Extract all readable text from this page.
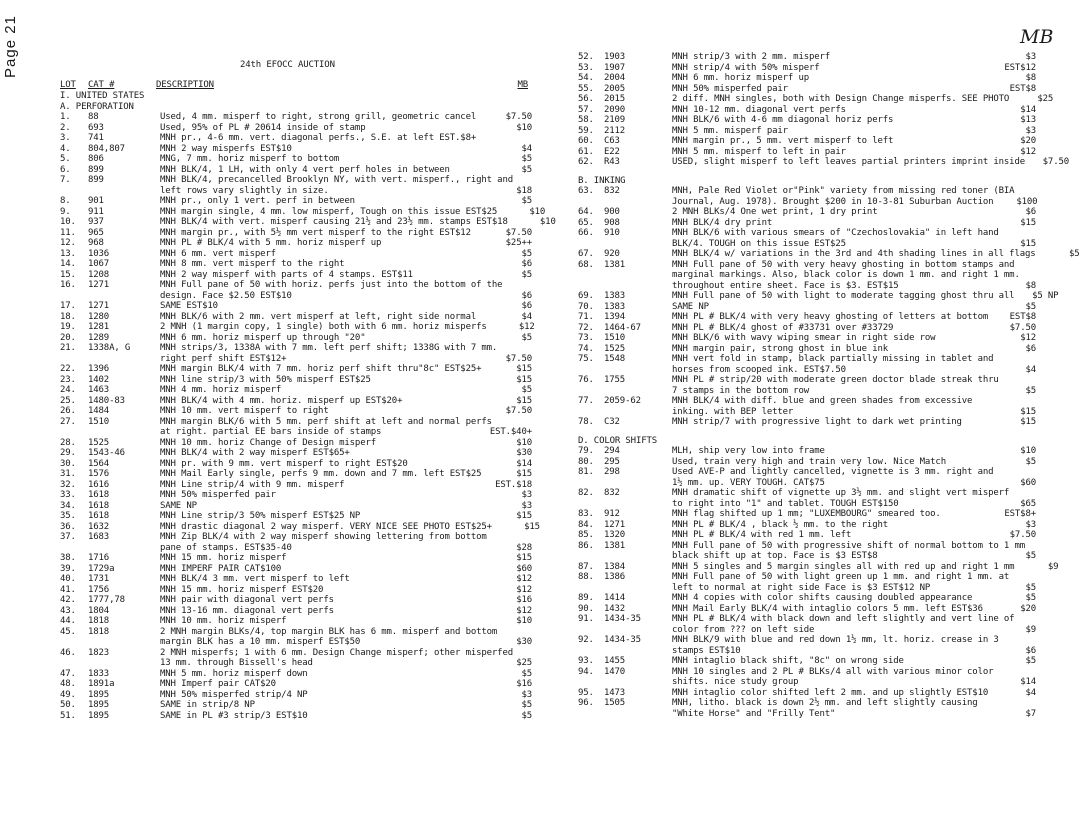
Page 21	MB
24th EFOCC AUCTION
LOT CAT #	DESCRIPTION	MB
I. UNITED STATES
A. PERFORATION
1.	88	Used, 4 mm. misperf to right, strong grill, geometric cancel	$7.50
2.	693	Used, 95% of PL # 20614 inside of stamp	$10
3.	741	MNH pr., 4-6 mm. vert. diagonal perfs., S.E. at left EST.$8+
4.	804,807	MNH 2 way misperfs EST$10	$4
5.	806	MNG, 7 mm. horiz misperf to bottom	$5
6.	899	MNH BLK/4, 1 LH, with only 4 vert perf holes in between	$5
7.	899	MNH BLK/4, precancelled Brooklyn NY, with vert. misperf., right and
left rows vary slightly in size.	$18
8.	901	MNH pr., only 1 vert. perf in between	$5
9.	911	MNH margin single, 4 mm. low misperf, Tough on this issue EST$25	$10
10.	937	MNH BLK/4 with vert. misperf causing 21½ and 23½ mm. stamps EST$18	$10
11.	965	MNH margin pr., with 5½ mm vert misperf to the right EST$12	$7.50
12.	968	MNH PL # BLK/4 with 5 mm. horiz misperf up	$25++
13.	1036	MNH 6 mm. vert misperf	$5
14.	1067	MNH 8 mm. vert misperf to the right	$6
15.	1208	MNH 2 way misperf with parts of 4 stamps. EST$11	$5
16.	1271	MNH Full pane of 50 with horiz. perfs just into the bottom of the
design. Face $2.50 EST$10	$6
17.	1271	SAME EST$10	$6
18.	1280	MNH BLK/6 with 2 mm. vert misperf at left, right side normal	$4
19.	1281	2 MNH (1 margin copy, 1 single) both with 6 mm. horiz misperfs	$12
20.	1289	MNH 6 mm. horiz misperf up through "20"	$5
21.	1338A, G	MNH strips/3, 1338A with 7 mm. left perf shift; 1338G with 7 mm.
right perf shift EST$12+	$7.50
22.	1396	MNH margin BLK/4 with 7 mm. horiz perf shift thru"8c" EST$25+	$15
23.	1402	MNH line strip/3 with 50% misperf EST$25	$15
24.	1463	MNH 4 mm. horiz misperf	$5
25.	1480-83	MNH BLK/4 with 4 mm. horiz. misperf up EST$20+	$15
26.	1484	MNH 10 mm. vert misperf to right	$7.50
27.	1510	MNH margin BLK/6 with 5 mm. perf shift at left and normal perfs
at right. partial EE bars inside of stamps	EST.$40+
28.	1525	MNH 10 mm. horiz Change of Design misperf	$10
29.	1543-46	MNH BLK/4 with 2 way misperf EST$65+	$30
30.	1564	MNH pr. with 9 mm. vert misperf to right EST$20	$14
31.	1576	MNH Mail Early single, perfs 9 mm. down and 7 mm. left EST$25	$15
32.	1616	MNH Line strip/4 with 9 mm. misperf	EST.$18
33.	1618	MNH 50% misperfed pair	$3
34.	1618	SAME NP	$3
35.	1618	MNH Line strip/3 50% misperf EST$25 NP	$15
36.	1632	MNH drastic diagonal 2 way misperf. VERY NICE SEE PHOTO EST$25+	$15
37.	1683	MNH Zip BLK/4 with 2 way misperf showing lettering from bottom
pane of stamps. EST$35-40	$28
38.	1716	MNH 15 mm. horiz misperf	$15
39.	1729a	MNH IMPERF PAIR CAT$100	$60
40.	1731	MNH BLK/4 3 mm. vert misperf to left	$12
41.	1756	MNH 15 mm. horiz misperf EST$20	$12
42.	1777,78	MNH pair with diagonal vert perfs	$16
43.	1804	MNH 13-16 mm. diagonal vert perfs	$12
44.	1818	MNH 10 mm. horiz misperf	$10
45.	1818	2 MNH margin BLKs/4, top margin BLK has 6 mm. misperf and bottom
margin BLK has a 10 mm. misperf EST$50	$30
46.	1823	2 MNH misperfs; 1 with 6 mm. Design Change misperf; other misperfed
13 mm. through Bissell's head	$25
47.	1833	MNH 5 mm. horiz misperf down	$5
48.	1891a	MNH Imperf pair CAT$20	$16
49.	1895	MNH 50% misperfed strip/4 NP	$3
50.	1895	SAME in strip/8 NP	$5
51.	1895	SAME in PL #3 strip/3 EST$10	$5
52.	1903	MNH strip/3 with 2 mm. misperf	$3
53.	1907	MNH strip/4 with 50% misperf	EST$12
54.	2004	MNH 6 mm. horiz misperf up	$8
55.	2005	MNH 50% misperfed pair	EST$8
56.	2015	2 diff. MNH singles, both with Design Change misperfs. SEE PHOTO	$25
57.	2090	MNH 10-12 mm. diagonal vert perfs	$14
58.	2109	MNH BLK/6 with 4-6 mm diagonal horiz perfs	$13
59.	2112	MNH 5 mm. misperf pair	$3
60.	C63	MNH margin pr., 5 mm. vert misperf to left	$20
61.	E22	MNH 5 mm. misperf to left in pair	$12
62.	R43	USED, slight misperf to left leaves partial printers imprint inside	$7.50
B. INKING
63.	832	MNH, Pale Red Violet or"Pink" variety from missing red toner (BIA
Journal, Aug. 1978). Brought $200 in 10-3-81 Suburban Auction	$100
64.	900	2 MNH BLKs/4 One wet print, 1 dry print	$6
65.	908	MNH BLK/4 dry print	$15
66.	910	MNH BLK/6 with various smears of "Czechoslovakia" in left hand
BLK/4. TOUGH on this issue EST$25	$15
67.	920	MNH BLK/4 w/ variations in the 3rd and 4th shading lines in all flags	$5
68.	1381	MNH Full pane of 50 with very heavy ghosting in bottom stamps and
marginal markings. Also, black color is down 1 mm. and right 1 mm.
throughout entire sheet. Face is $3. EST$15	$8
69.	1383	MNH Full pane of 50 with light to moderate tagging ghost thru all	$5 NP
70.	1383	SAME NP	$5
71.	1394	MNH PL # BLK/4 with very heavy ghosting of letters at bottom	EST$8
72.	1464-67	MNH PL # BLK/4 ghost of #33731 over #33729	$7.50
73.	1510	MNH BLK/6 with wavy wiping smear in right side row	$12
74.	1525	MNH margin pair, strong ghost in blue ink	$6
75.	1548	MNH vert fold in stamp, black partially missing in tablet and
horses from scooped ink. EST$7.50	$4
76.	1755	MNH PL # strip/20 with moderate green doctor blade streak thru
7 stamps in the bottom row	$5
77.	2059-62	MNH BLK/4 with diff. blue and green shades from excessive
inking. with BEP letter	$15
78.	C32	MNH strip/7 with progressive light to dark wet printing	$15
D. COLOR SHIFTS
79.	294	MLH, ship very low into frame	$10
80.	295	Used, train very high and train very low. Nice Match	$5
81.	298	Used AVE-P and lightly cancelled, vignette is 3 mm. right and
1½ mm. up. VERY TOUGH. CAT$75	$60
82.	832	MNH dramatic shift of vignette up 3½ mm. and slight vert misperf
to right into "1" and tablet. TOUGH EST$150	$65
83.	912	MNH flag shifted up 1 mm; "LUXEMBOURG" smeared too.	EST$8+
84.	1271	MNH PL # BLK/4 , black ½ mm. to the right	$3
85.	1320	MNH PL # BLK/4 with red 1 mm. left	$7.50
86.	1381	MNH Full pane of 50 with progressive shift of normal bottom to 1 mm
black shift up at top. Face is $3 EST$8	$5
87.	1384	MNH 5 singles and 5 margin singles all with red up and right 1 mm	$9
88.	1386	MNH Full pane of 50 with light green up 1 mm. and right 1 mm. at
left to normal at right side Face is $3 EST$12 NP	$5
89.	1414	MNH 4 copies with color shifts causing doubled appearance	$5
90.	1432	MNH Mail Early BLK/4 with intaglio colors 5 mm. left EST$36	$20
91.	1434-35	MNH PL # BLK/4 with black down and left slightly and vert line of
color from ??? on left side	$9
92.	1434-35	MNH BLK/9 with blue and red down 1½ mm, lt. horiz. crease in 3
stamps EST$10	$6
93.	1455	MNH intaglio black shift, "8c" on wrong side	$5
94.	1470	MNH 10 singles and 2 PL # BLKs/4 all with various minor color
shifts. nice study group	$14
95.	1473	MNH intaglio color shifted left 2 mm. and up slightly EST$10	$4
96.	1505	MNH, litho. black is down 2½ mm. and left slightly causing
"White Horse" and "Frilly Tent"	$7
